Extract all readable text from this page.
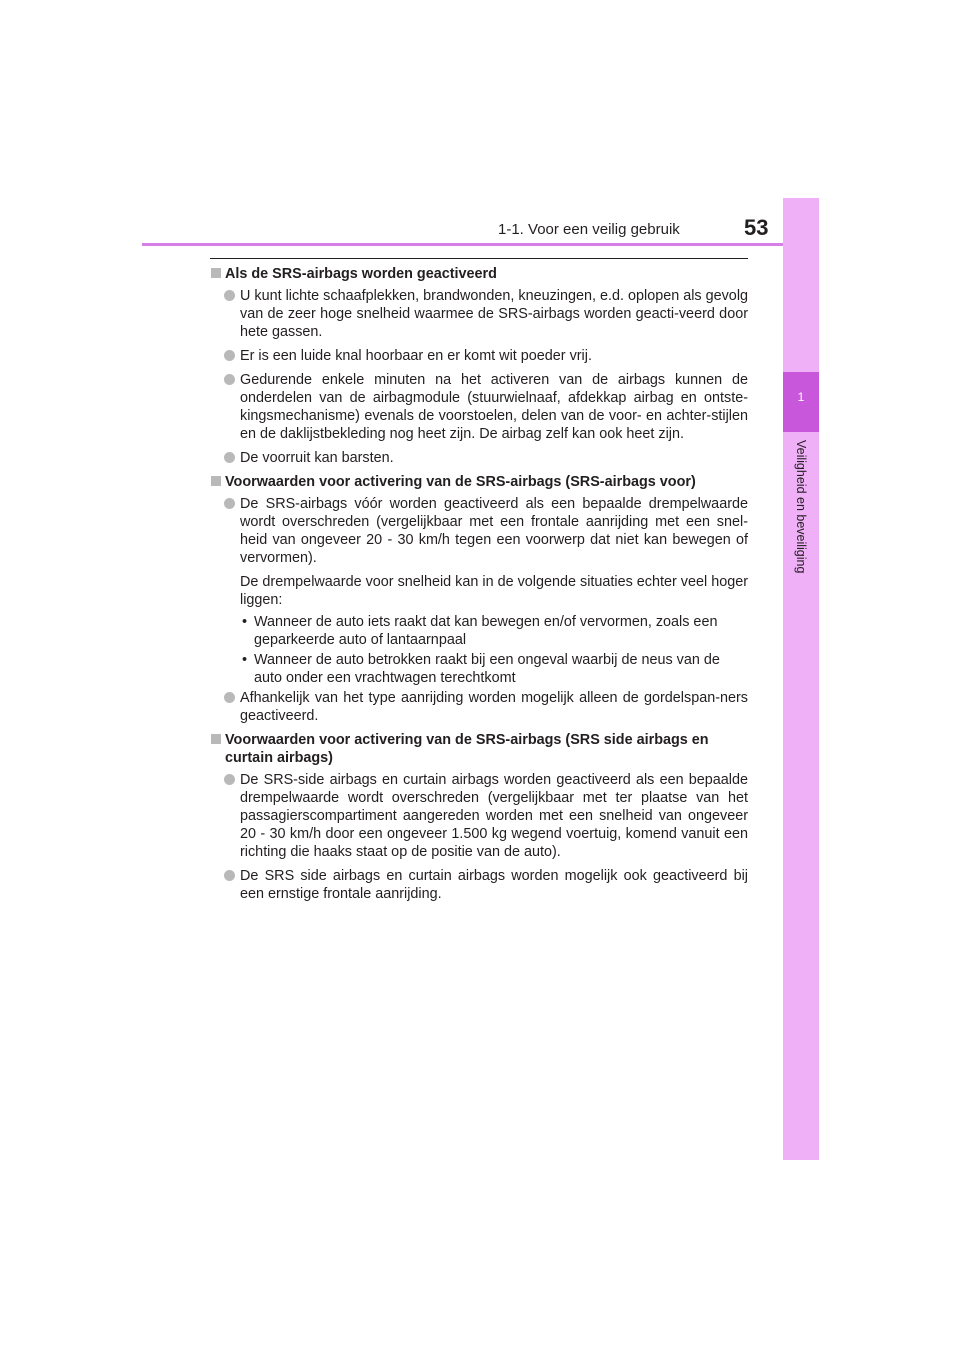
1-1. Voor een veilig gebruik	53
1
Veiligheid en beveiliging
Als de SRS-airbags worden geactiveerd
U kunt lichte schaafplekken, brandwonden, kneuzingen, e.d. oplopen als gevolg van de zeer hoge snelheid waarmee de SRS-airbags worden geacti-veerd door hete gassen.
Er is een luide knal hoorbaar en er komt wit poeder vrij.
Gedurende enkele minuten na het activeren van de airbags kunnen de onderdelen van de airbagmodule (stuurwielnaaf, afdekkap airbag en ontste-kingsmechanisme) evenals de voorstoelen, delen van de voor- en achter-stijlen en de daklijstbekleding nog heet zijn. De airbag zelf kan ook heet zijn.
De voorruit kan barsten.
Voorwaarden voor activering van de SRS-airbags (SRS-airbags voor)
De SRS-airbags vóór worden geactiveerd als een bepaalde drempelwaarde wordt overschreden (vergelijkbaar met een frontale aanrijding met een snel-heid van ongeveer 20 - 30 km/h tegen een voorwerp dat niet kan bewegen of vervormen).
De drempelwaarde voor snelheid kan in de volgende situaties echter veel hoger liggen:
• Wanneer de auto iets raakt dat kan bewegen en/of vervormen, zoals een geparkeerde auto of lantaarnpaal
• Wanneer de auto betrokken raakt bij een ongeval waarbij de neus van de auto onder een vrachtwagen terechtkomt
Afhankelijk van het type aanrijding worden mogelijk alleen de gordelspan-ners geactiveerd.
Voorwaarden voor activering van de SRS-airbags (SRS side airbags en curtain airbags)
De SRS-side airbags en curtain airbags worden geactiveerd als een bepaalde drempelwaarde wordt overschreden (vergelijkbaar met ter plaatse van het passagierscompartiment aangereden worden met een snelheid van ongeveer 20 - 30 km/h door een ongeveer 1.500 kg wegend voertuig, komend vanuit een richting die haaks staat op de positie van de auto).
De SRS side airbags en curtain airbags worden mogelijk ook geactiveerd bij een ernstige frontale aanrijding.
